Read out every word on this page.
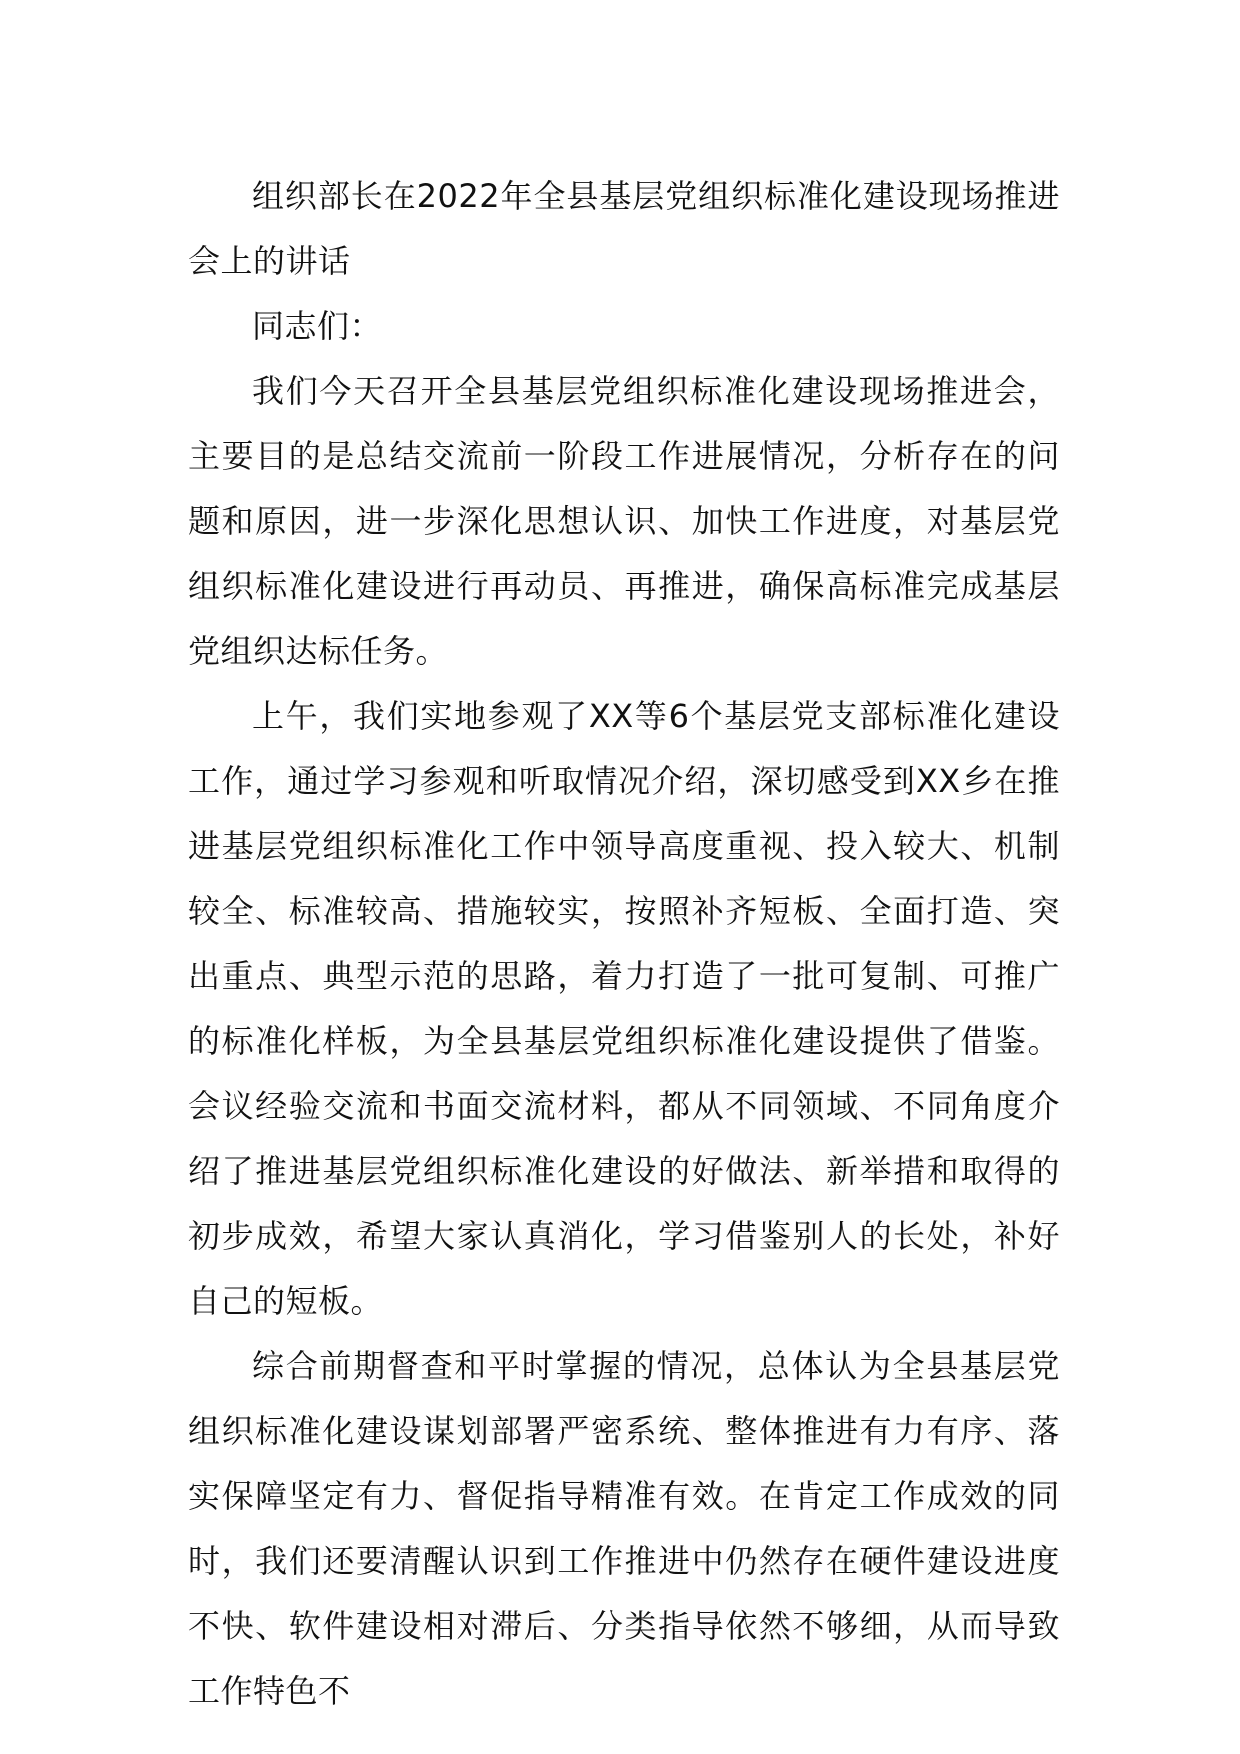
组织部长在2022年全县基层党组织标准化建设现场推进会上的讲话

同志们：

我们今天召开全县基层党组织标准化建设现场推进会，主要目的是总结交流前一阶段工作进展情况，分析存在的问题和原因，进一步深化思想认识、加快工作进度，对基层党组织标准化建设进行再动员、再推进，确保高标准完成基层党组织达标任务。

上午，我们实地参观了XX等6个基层党支部标准化建设工作，通过学习参观和听取情况介绍，深切感受到XX乡在推进基层党组织标准化工作中领导高度重视、投入较大、机制较全、标准较高、措施较实，按照补齐短板、全面打造、突出重点、典型示范的思路，着力打造了一批可复制、可推广的标准化样板，为全县基层党组织标准化建设提供了借鉴。会议经验交流和书面交流材料，都从不同领域、不同角度介绍了推进基层党组织标准化建设的好做法、新举措和取得的初步成效，希望大家认真消化，学习借鉴别人的长处，补好自己的短板。

综合前期督查和平时掌握的情况，总体认为全县基层党组织标准化建设谋划部署严密系统、整体推进有力有序、落实保障坚定有力、督促指导精准有效。在肯定工作成效的同时，我们还要清醒认识到工作推进中仍然存在硬件建设进度不快、软件建设相对滞后、分类指导依然不够细，从而导致工作特色不
